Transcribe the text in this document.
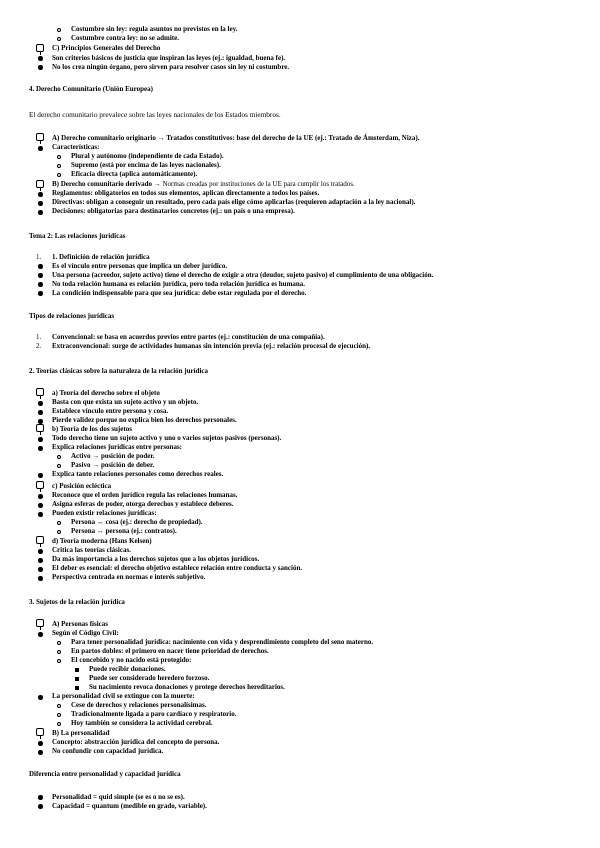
Costumbre sin ley: regula asuntos no previstos en la ley.
Costumbre contra ley: no se admite.
C) Principios Generales del Derecho
Son criterios básicos de justicia que inspiran las leyes (ej.: igualdad, buena fe).
No los crea ningún órgano, pero sirven para resolver casos sin ley ni costumbre.
4. Derecho Comunitario (Unión Europea)
El derecho comunitario prevalece sobre las leyes nacionales de los Estados miembros.
A) Derecho comunitario originario → Tratados constitutivos: base del derecho de la UE (ej.: Tratado de Ámsterdam, Niza).
Características:
Plural y autónomo (independiente de cada Estado).
Supremo (está por encima de las leyes nacionales).
Eficacia directa (aplica automáticamente).
B) Derecho comunitario derivado → Normas creadas por instituciones de la UE para cumplir los tratados.
Reglamentos: obligatorios en todos sus elementos, aplican directamente a todos los países.
Directivas: obligan a conseguir un resultado, pero cada país elige cómo aplicarlas (requieren adaptación a la ley nacional).
Decisiones: obligatorias para destinatarios concretos (ej.: un país o una empresa).
Tema 2: Las relaciones jurídicas
1. 1. Definición de relación jurídica
Es el vínculo entre personas que implica un deber jurídico.
Una persona (acreedor, sujeto activo) tiene el derecho de exigir a otra (deudor, sujeto pasivo) el cumplimiento de una obligación.
No toda relación humana es relación jurídica, pero toda relación jurídica es humana.
La condición indispensable para que sea jurídica: debe estar regulada por el derecho.
Tipos de relaciones jurídicas
1. Convencional: se basa en acuerdos previos entre partes (ej.: constitución de una compañía).
2. Extraconvencional: surge de actividades humanas sin intención previa (ej.: relación procesal de ejecución).
2. Teorías clásicas sobre la naturaleza de la relación jurídica
a) Teoría del derecho sobre el objeto
Basta con que exista un sujeto activo y un objeto.
Establece vínculo entre persona y cosa.
Pierde validez porque no explica bien los derechos personales.
b) Teoría de los dos sujetos
Todo derecho tiene un sujeto activo y uno o varios sujetos pasivos (personas).
Explica relaciones jurídicas entre personas:
Activo → posición de poder.
Pasivo → posición de deber.
Explica tanto relaciones personales como derechos reales.
c) Posición ecléctica
Reconoce que el orden jurídico regula las relaciones humanas.
Asigna esferas de poder, otorga derechos y establece deberes.
Pueden existir relaciones jurídicas:
Persona ↔ cosa (ej.: derecho de propiedad).
Persona ↔ persona (ej.: contratos).
d) Teoría moderna (Hans Kelsen)
Critica las teorías clásicas.
Da más importancia a los derechos sujetos que a los objetos jurídicos.
El deber es esencial: el derecho objetivo establece relación entre conducta y sanción.
Perspectiva centrada en normas e interés subjetivo.
3. Sujetos de la relación jurídica
A) Personas físicas
Según el Código Civil:
Para tener personalidad jurídica: nacimiento con vida y desprendimiento completo del seno materno.
En partos dobles: el primero en nacer tiene prioridad de derechos.
El concebido y no nacido está protegido:
Puede recibir donaciones.
Puede ser considerado heredero forzoso.
Su nacimiento revoca donaciones y protege derechos hereditarios.
La personalidad civil se extingue con la muerte:
Cese de derechos y relaciones personalísimas.
Tradicionalmente ligada a paro cardíaco y respiratorio.
Hoy también se considera la actividad cerebral.
B) La personalidad
Concepto: abstracción jurídica del concepto de persona.
No confundir con capacidad jurídica.
Diferencia entre personalidad y capacidad jurídica
Personalidad = quid simple (se es o no se es).
Capacidad = quantum (medible en grado, variable).
